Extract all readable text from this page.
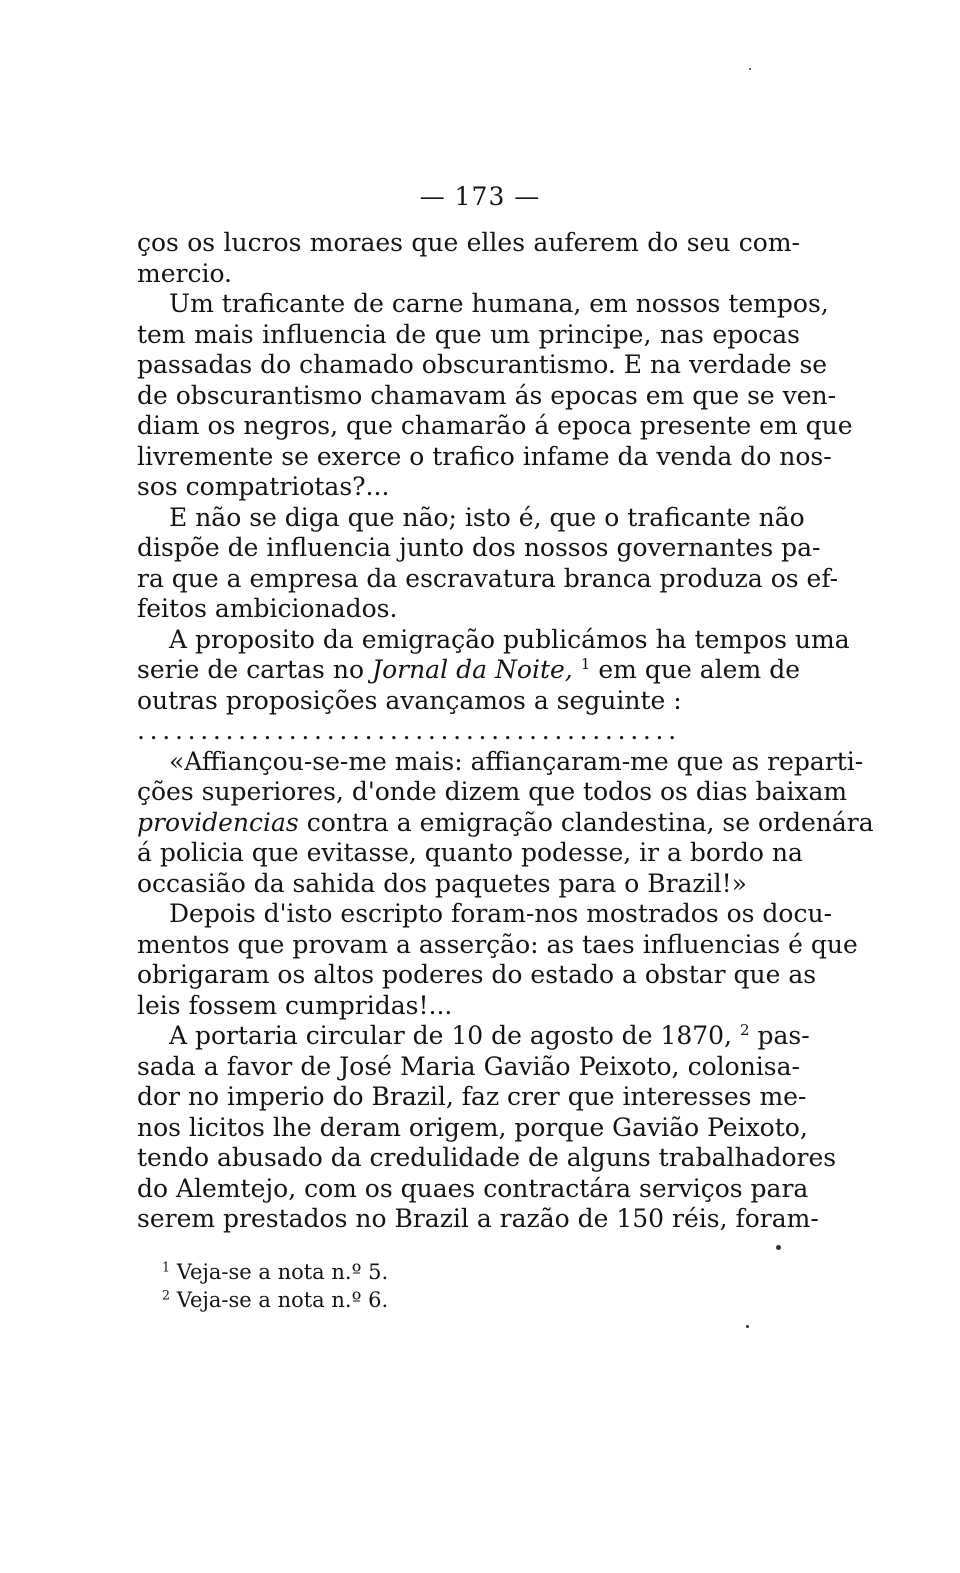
— 173 —
ços os lucros moraes que elles auferem do seu com-
mercio.
Um traficante de carne humana, em nossos tempos,
tem mais influencia de que um principe, nas epocas
passadas do chamado obscurantismo. E na verdade se
de obscurantismo chamavam ás epocas em que se ven-
diam os negros, que chamarão á epoca presente em que
livremente se exerce o trafico infame da venda do nos-
sos compatriotas?...
E não se diga que não; isto é, que o traficante não
dispõe de influencia junto dos nossos governantes pa-
ra que a empresa da escravatura branca produza os ef-
feitos ambicionados.
A proposito da emigração publicámos ha tempos uma
serie de cartas no Jornal da Noite, $^1$ em que alem de
outras proposições avançamos a seguinte :
...........................................
«Affiançou-se-me mais: affiançaram-me que as reparti-
ções superiores, d'onde dizem que todos os dias baixam
providencias contra a emigração clandestina, se ordenára
á policia que evitasse, quanto podesse, ir a bordo na
occasião da sahida dos paquetes para o Brazil!»
Depois d'isto escripto foram-nos mostrados os docu-
mentos que provam a asserção: as taes influencias é que
obrigaram os altos poderes do estado a obstar que as
leis fossem cumpridas!...
A portaria circular de 10 de agosto de 1870, $^2$ pas-
sada a favor de José Maria Gavião Peixoto, colonisa-
dor no imperio do Brazil, faz crer que interesses me-
nos licitos lhe deram origem, porque Gavião Peixoto,
tendo abusado da credulidade de alguns trabalhadores
do Alemtejo, com os quaes contractára serviços para
serem prestados no Brazil a razão de 150 réis, foram-
$^1$ Veja-se a nota n.º 5.
$^2$ Veja-se a nota n.º 6.
